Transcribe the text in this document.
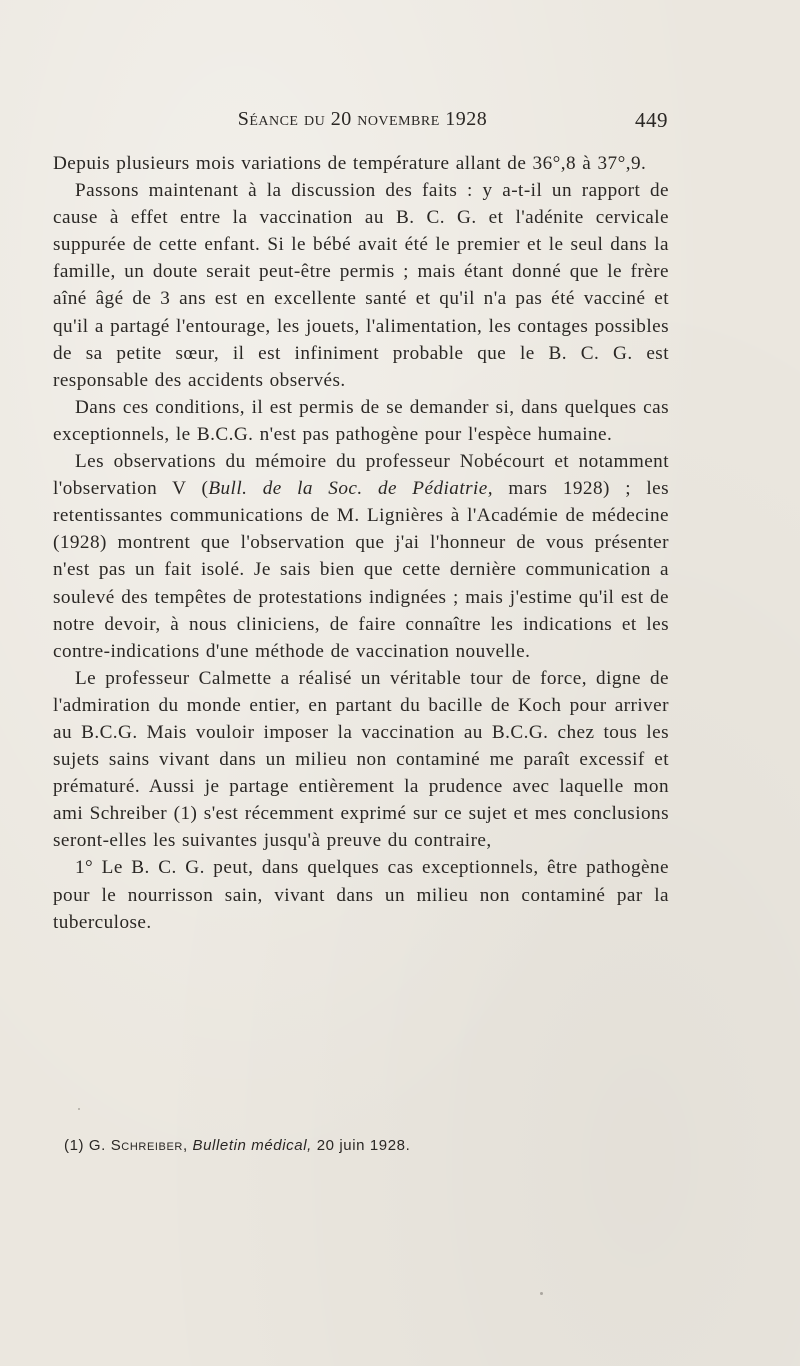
Séance du 20 novembre 1928	449

Depuis plusieurs mois variations de température allant de 36°,8 à 37°,9.

Passons maintenant à la discussion des faits : y a-t-il un rapport de cause à effet entre la vaccination au B. C. G. et l'adénite cervicale suppurée de cette enfant. Si le bébé avait été le premier et le seul dans la famille, un doute serait peut-être permis ; mais étant donné que le frère aîné âgé de 3 ans est en excellente santé et qu'il n'a pas été vacciné et qu'il a partagé l'entourage, les jouets, l'alimentation, les contages possibles de sa petite sœur, il est infiniment probable que le B. C. G. est responsable des accidents observés.

Dans ces conditions, il est permis de se demander si, dans quelques cas exceptionnels, le B.C.G. n'est pas pathogène pour l'espèce humaine.

Les observations du mémoire du professeur Nobécourt et notamment l'observation V (Bull. de la Soc. de Pédiatrie, mars 1928) ; les retentissantes communications de M. Lignières à l'Académie de médecine (1928) montrent que l'observation que j'ai l'honneur de vous présenter n'est pas un fait isolé. Je sais bien que cette dernière communication a soulevé des tempêtes de protestations indignées ; mais j'estime qu'il est de notre devoir, à nous cliniciens, de faire connaître les indications et les contre-indications d'une méthode de vaccination nouvelle.

Le professeur Calmette a réalisé un véritable tour de force, digne de l'admiration du monde entier, en partant du bacille de Koch pour arriver au B.C.G. Mais vouloir imposer la vaccination au B.C.G. chez tous les sujets sains vivant dans un milieu non contaminé me paraît excessif et prématuré. Aussi je partage entièrement la prudence avec laquelle mon ami Schreiber (1) s'est récemment exprimé sur ce sujet et mes conclusions seront-elles les suivantes jusqu'à preuve du contraire,

1° Le B. C. G. peut, dans quelques cas exceptionnels, être pathogène pour le nourrisson sain, vivant dans un milieu non contaminé par la tuberculose.

(1) G. Schreiber, Bulletin médical, 20 juin 1928.
